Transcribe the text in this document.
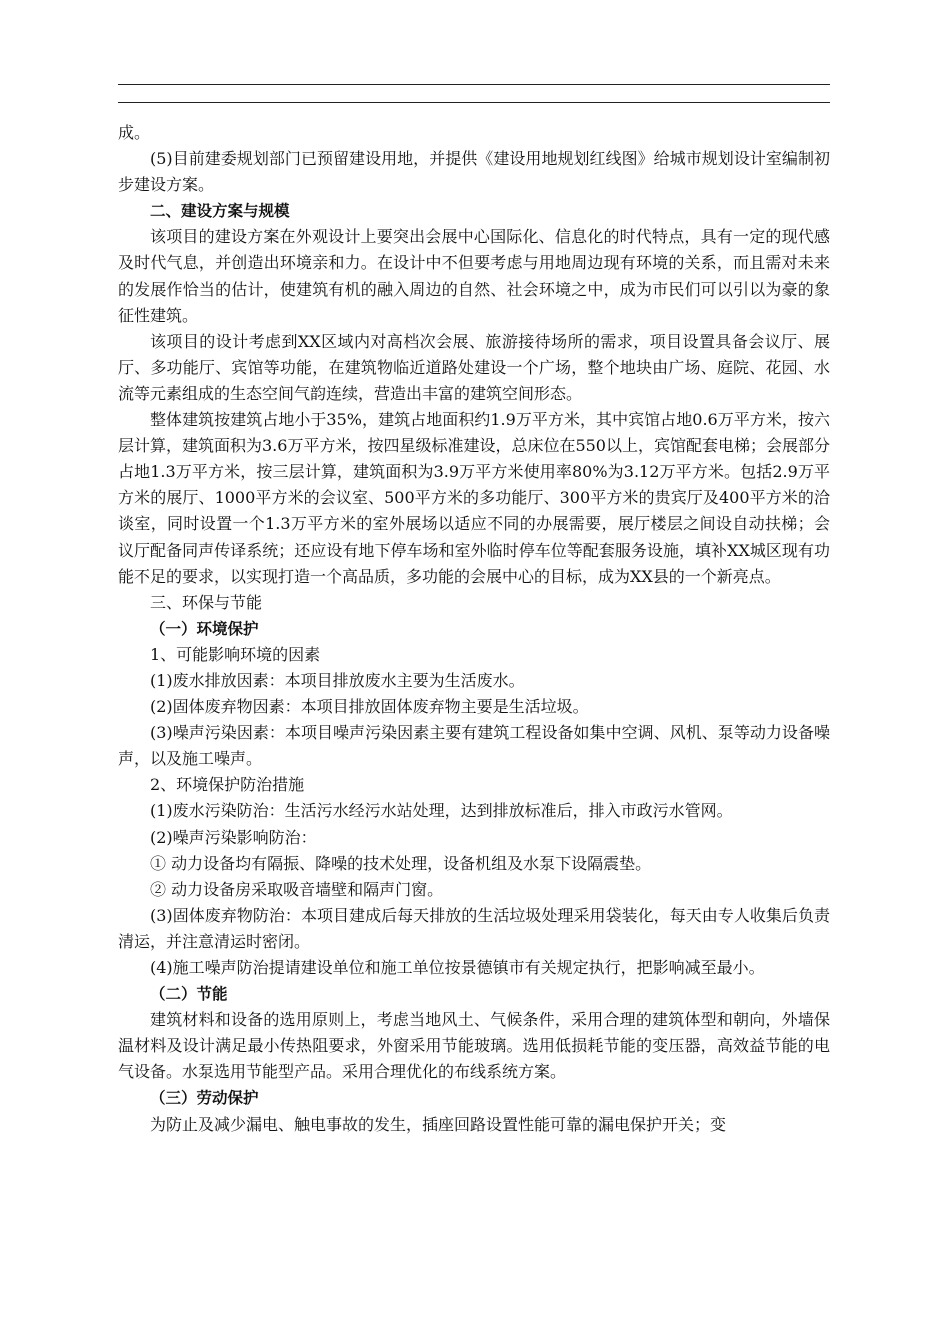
成。

(5)目前建委规划部门已预留建设用地，并提供《建设用地规划红线图》给城市规划设计室编制初步建设方案。

二、建设方案与规模

该项目的建设方案在外观设计上要突出会展中心国际化、信息化的时代特点，具有一定的现代感及时代气息，并创造出环境亲和力。在设计中不但要考虑与用地周边现有环境的关系，而且需对未来的发展作恰当的估计，使建筑有机的融入周边的自然、社会环境之中，成为市民们可以引以为豪的象征性建筑。

该项目的设计考虑到XX区域内对高档次会展、旅游接待场所的需求，项目设置具备会议厅、展厅、多功能厅、宾馆等功能，在建筑物临近道路处建设一个广场，整个地块由广场、庭院、花园、水流等元素组成的生态空间气韵连续，营造出丰富的建筑空间形态。

整体建筑按建筑占地小于35%，建筑占地面积约1.9万平方米，其中宾馆占地0.6万平方米，按六层计算，建筑面积为3.6万平方米，按四星级标准建设，总床位在550以上，宾馆配套电梯；会展部分占地1.3万平方米，按三层计算，建筑面积为3.9万平方米使用率80%为3.12万平方米。包括2.9万平方米的展厅、1000平方米的会议室、500平方米的多功能厅、300平方米的贵宾厅及400平方米的洽谈室，同时设置一个1.3万平方米的室外展场以适应不同的办展需要，展厅楼层之间设自动扶梯；会议厅配备同声传译系统；还应设有地下停车场和室外临时停车位等配套服务设施，填补XX城区现有功能不足的要求，以实现打造一个高品质，多功能的会展中心的目标，成为XX县的一个新亮点。

三、环保与节能

（一）环境保护

1、可能影响环境的因素

(1)废水排放因素：本项目排放废水主要为生活废水。

(2)固体废弃物因素：本项目排放固体废弃物主要是生活垃圾。

(3)噪声污染因素：本项目噪声污染因素主要有建筑工程设备如集中空调、风机、泵等动力设备噪声，以及施工噪声。

2、环境保护防治措施

(1)废水污染防治：生活污水经污水站处理，达到排放标准后，排入市政污水管网。

(2)噪声污染影响防治：

① 动力设备均有隔振、降噪的技术处理，设备机组及水泵下设隔震垫。

② 动力设备房采取吸音墙壁和隔声门窗。

(3)固体废弃物防治：本项目建成后每天排放的生活垃圾处理采用袋装化，每天由专人收集后负责清运，并注意清运时密闭。

(4)施工噪声防治提请建设单位和施工单位按景德镇市有关规定执行，把影响减至最小。

（二）节能

建筑材料和设备的选用原则上，考虑当地风土、气候条件，采用合理的建筑体型和朝向，外墙保温材料及设计满足最小传热阻要求，外窗采用节能玻璃。选用低损耗节能的变压器，高效益节能的电气设备。水泵选用节能型产品。采用合理优化的布线系统方案。

（三）劳动保护

为防止及减少漏电、触电事故的发生，插座回路设置性能可靠的漏电保护开关；变
